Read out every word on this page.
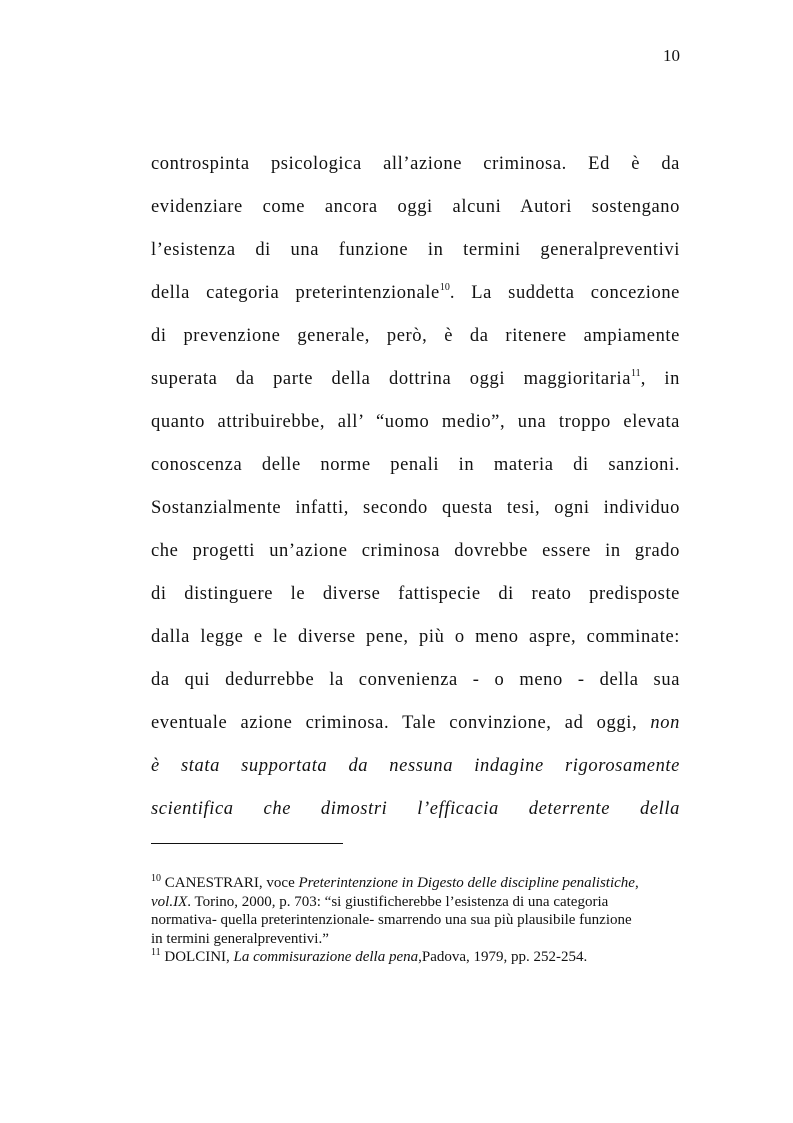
10
controspinta psicologica all’azione criminosa. Ed è da
evidenziare come ancora oggi alcuni Autori sostengano
l’esistenza di una funzione in termini generalpreventivi
della categoria preterintenzionale$^{10}$. La suddetta concezione
di prevenzione generale, però, è da ritenere ampiamente
superata da parte della dottrina oggi maggioritaria$^{11}$, in
quanto attribuirebbe, all’ “uomo medio”, una troppo elevata
conoscenza delle norme penali in materia di sanzioni.
Sostanzialmente infatti, secondo questa tesi, ogni individuo
che progetti un’azione criminosa dovrebbe essere in grado
di distinguere le diverse fattispecie di reato predisposte
dalla legge e le diverse pene, più o meno aspre, comminate:
da qui dedurrebbe la convenienza - o meno - della sua
eventuale azione criminosa. Tale convinzione, ad oggi, non
è stata supportata da nessuna indagine rigorosamente
scientifica che dimostri l’efficacia deterrente della
$^{10}$ CANESTRARI, voce Preterintenzione in Digesto delle discipline penalistiche,
vol.IX. Torino, 2000, p. 703: “si giustificherebbe l’esistenza di una categoria
normativa- quella preterintenzionale- smarrendo una sua più plausibile funzione
in termini generalpreventivi.”
$^{11}$ DOLCINI, La commisurazione della pena,Padova, 1979, pp. 252-254.
